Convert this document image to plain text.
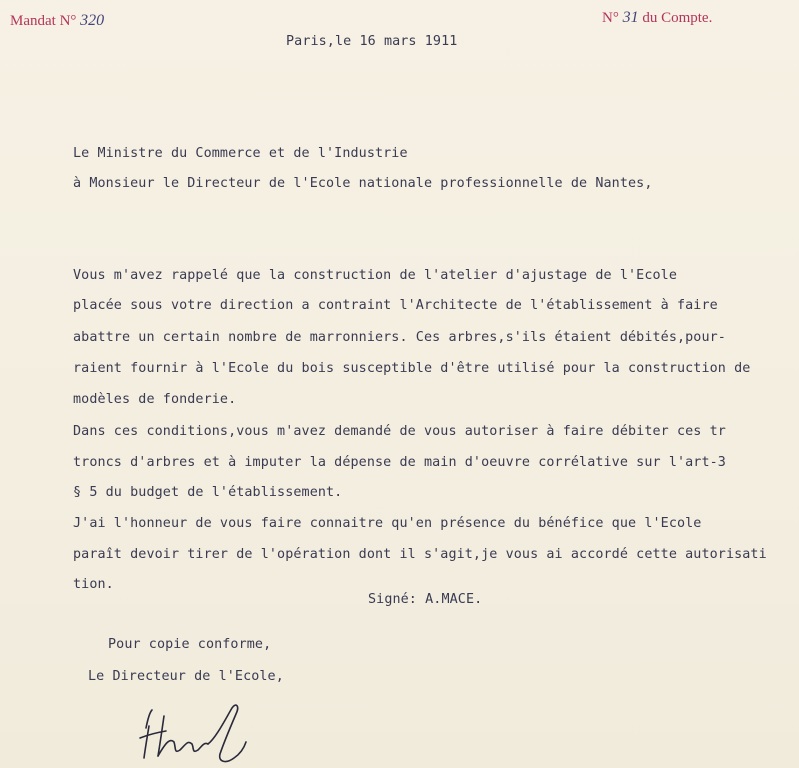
Mandat N° 320	N° 31 du Compte.
Paris,le 16 mars 1911
Le Ministre du Commerce et de l'Industrie
à Monsieur le Directeur de l'Ecole nationale professionnelle de Nantes,
Vous m'avez rappelé que la construction de l'atelier d'ajustage de l'Ecole
placée sous votre direction a contraint l'Architecte de l'établissement à faire
abattre un certain nombre de marronniers. Ces arbres,s'ils étaient débités,pour-
raient fournir à l'Ecole du bois susceptible d'être utilisé pour la construction de
modèles de fonderie.
Dans ces conditions,vous m'avez demandé de vous autoriser à faire débiter ces tr
troncs d'arbres et à imputer la dépense de main d'oeuvre corrélative sur l'art-3
§ 5 du budget de l'établissement.
J'ai l'honneur de vous faire connaitre qu'en présence du bénéfice que l'Ecole
paraît devoir tirer de l'opération dont il s'agit,je vous ai accordé cette autorisati
tion.
Signé: A.MACE.
Pour copie conforme,
Le Directeur de l'Ecole,
